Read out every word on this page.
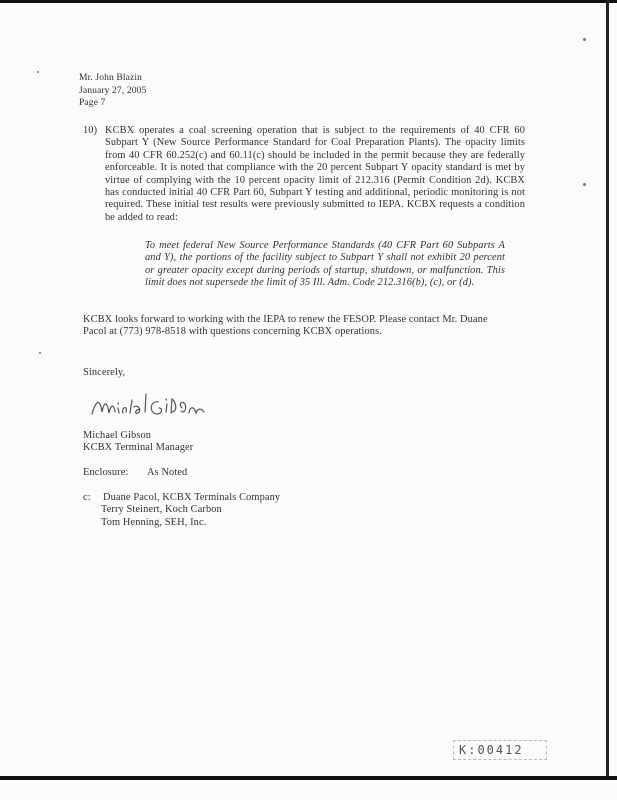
Mr. John Blazin
January 27, 2005
Page 7
10) KCBX operates a coal screening operation that is subject to the requirements of 40 CFR 60 Subpart Y (New Source Performance Standard for Coal Preparation Plants). The opacity limits from 40 CFR 60.252(c) and 60.11(c) should be included in the permit because they are federally enforceable. It is noted that compliance with the 20 percent Subpart Y opacity standard is met by virtue of complying with the 10 percent opacity limit of 212.316 (Permit Condition 2d). KCBX has conducted initial 40 CFR Part 60, Subpart Y testing and additional, periodic monitoring is not required. These initial test results were previously submitted to IEPA. KCBX requests a condition be added to read:
To meet federal New Source Performance Standards (40 CFR Part 60 Subparts A and Y), the portions of the facility subject to Subpart Y shall not exhibit 20 percent or greater opacity except during periods of startup, shutdown, or malfunction. This limit does not supersede the limit of 35 Ill. Adm. Code 212.316(b), (c), or (d).
KCBX looks forward to working with the IEPA to renew the FESOP. Please contact Mr. Duane Pacol at (773) 978-8518 with questions concerning KCBX operations.
Sincerely,
Michael Gibson
KCBX Terminal Manager
Enclosure: As Noted
c: Duane Pacol, KCBX Terminals Company
Terry Steinert, Koch Carbon
Tom Henning, SEH, Inc.
K:00412
